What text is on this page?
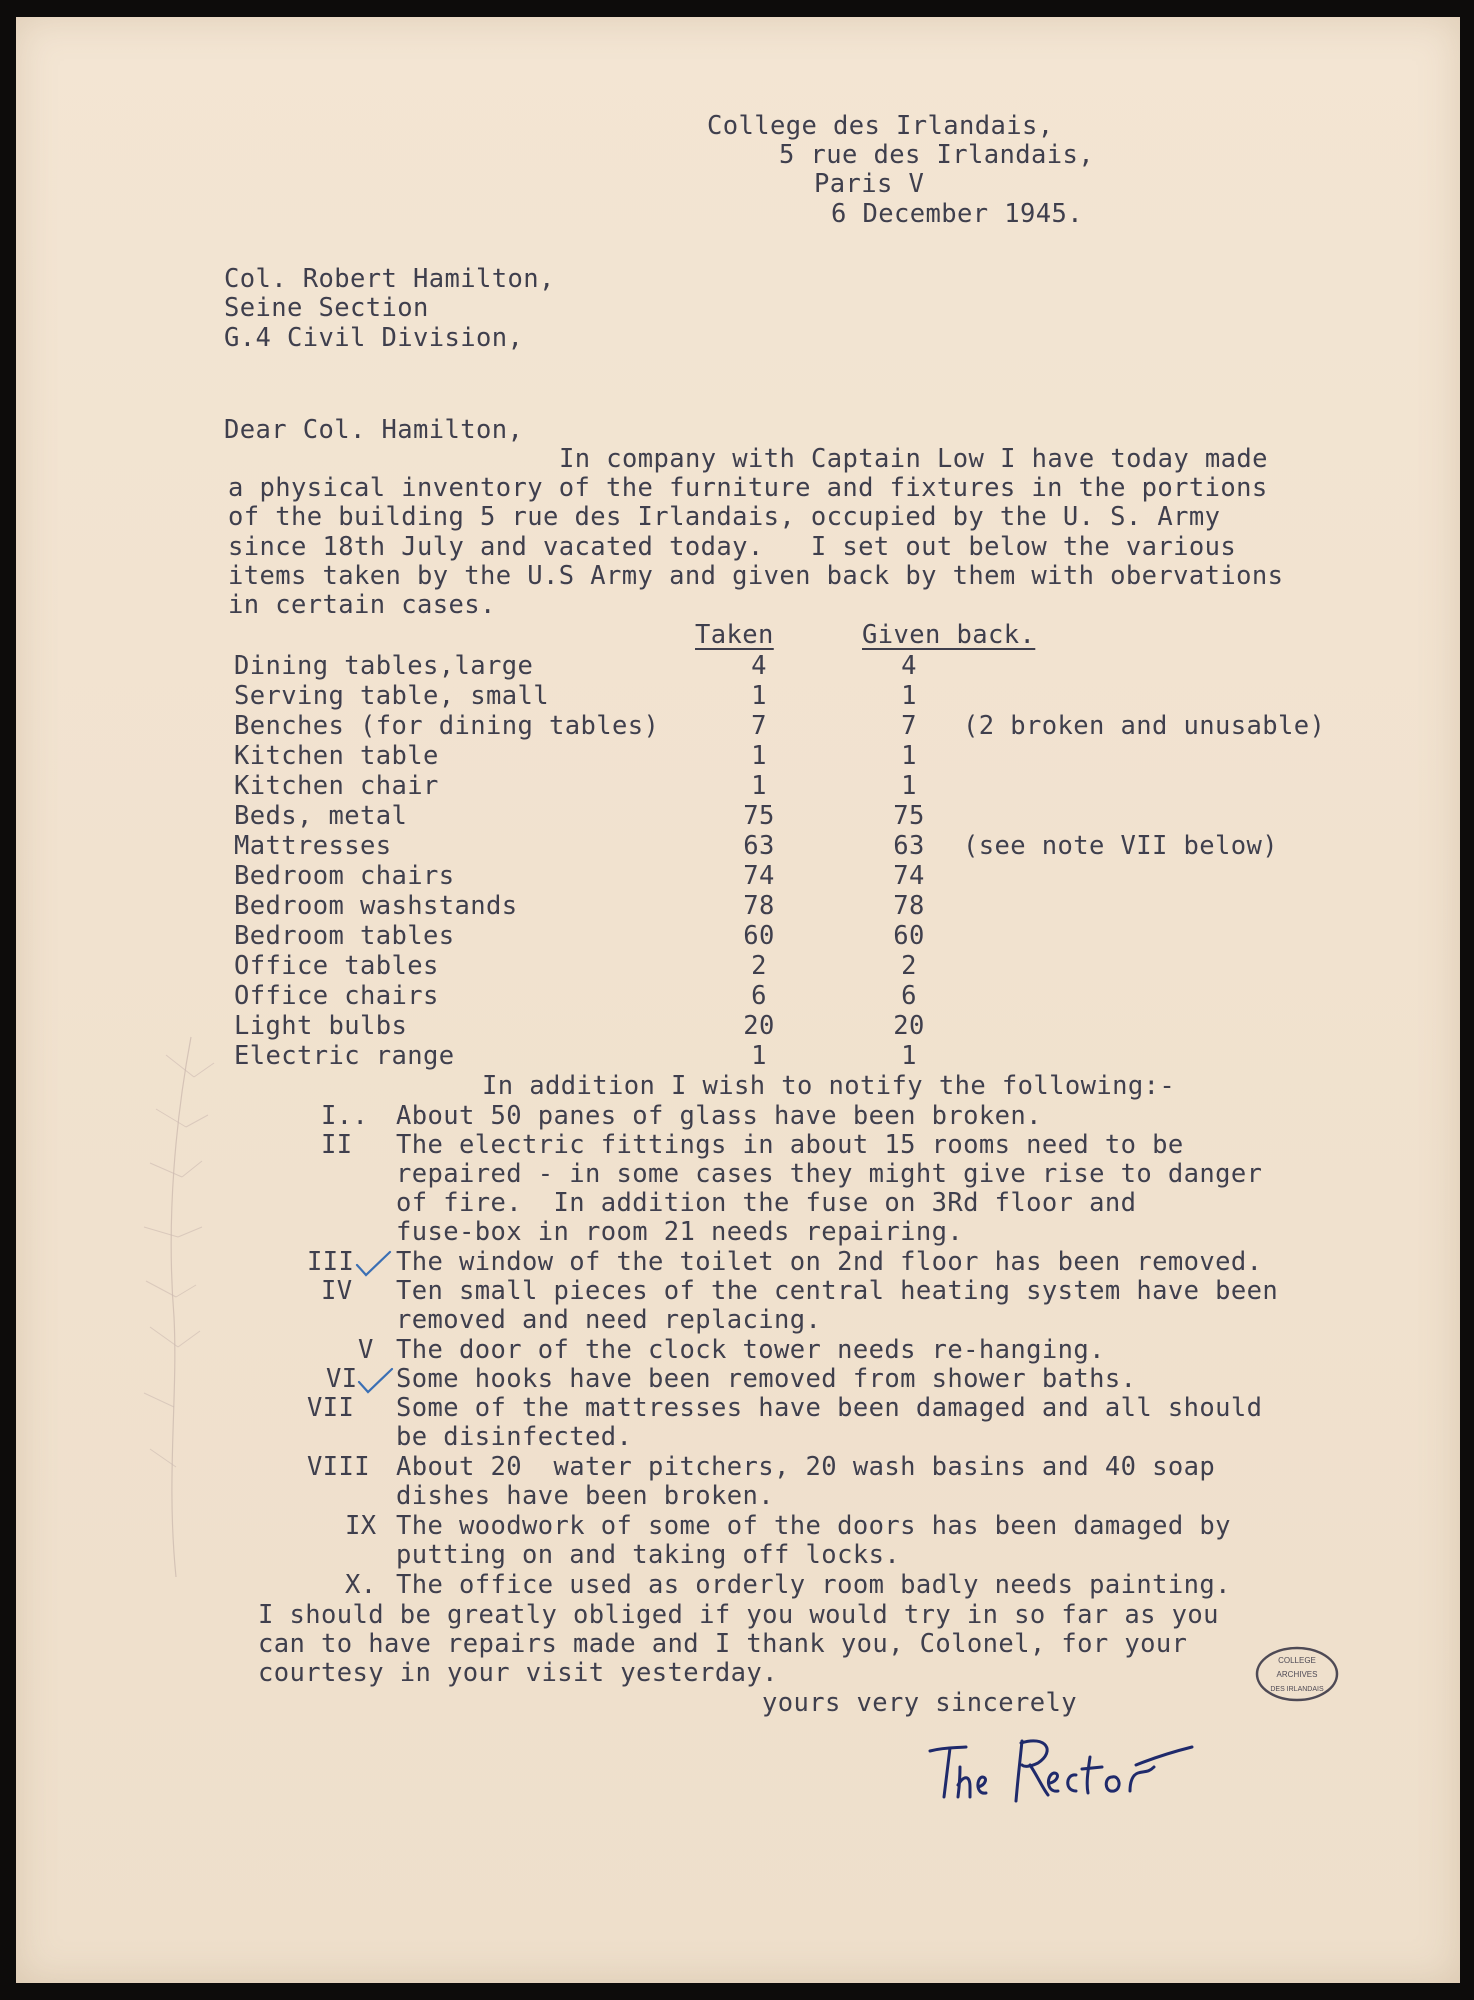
College des Irlandais,
5 rue des Irlandais,
Paris V
6 December 1945.
Col. Robert Hamilton,
Seine Section
G.4 Civil Division,
Dear Col. Hamilton,
In company with Captain Low I have today made
a physical inventory of the furniture and fixtures in the portions
of the building 5 rue des Irlandais, occupied by the U. S. Army
since 18th July and vacated today.   I set out below the various
items taken by the U.S Army and given back by them with obervations
in certain cases.
Taken	Given back.
Dining tables,large	4	4
Serving table, small	1	1
Benches (for dining tables)	7	7	(2 broken and unusable)
Kitchen table	1	1
Kitchen chair	1	1
Beds, metal	75	75
Mattresses	63	63	(see note VII below)
Bedroom chairs	74	74
Bedroom washstands	78	78
Bedroom tables	60	60
Office tables	2	2
Office chairs	6	6
Light bulbs	20	20
Electric range	1	1
In addition I wish to notify the following:-
I.. About 50 panes of glass have been broken.
II The electric fittings in about 15 rooms need to be
repaired - in some cases they might give rise to danger
of fire.  In addition the fuse on 3Rd floor and
fuse-box in room 21 needs repairing.
III The window of the toilet on 2nd floor has been removed.
IV Ten small pieces of the central heating system have been
removed and need replacing.
V The door of the clock tower needs re-hanging.
VI Some hooks have been removed from shower baths.
VII Some of the mattresses have been damaged and all should
be disinfected.
VIII About 20  water pitchers, 20 wash basins and 40 soap
dishes have been broken.
IX The woodwork of some of the doors has been damaged by
putting on and taking off locks.
X. The office used as orderly room badly needs painting.
I should be greatly obliged if you would try in so far as you
can to have repairs made and I thank you, Colonel, for your
courtesy in your visit yesterday.
yours very sincerely
COLLEGE
ARCHIVES
DES IRLANDAIS
